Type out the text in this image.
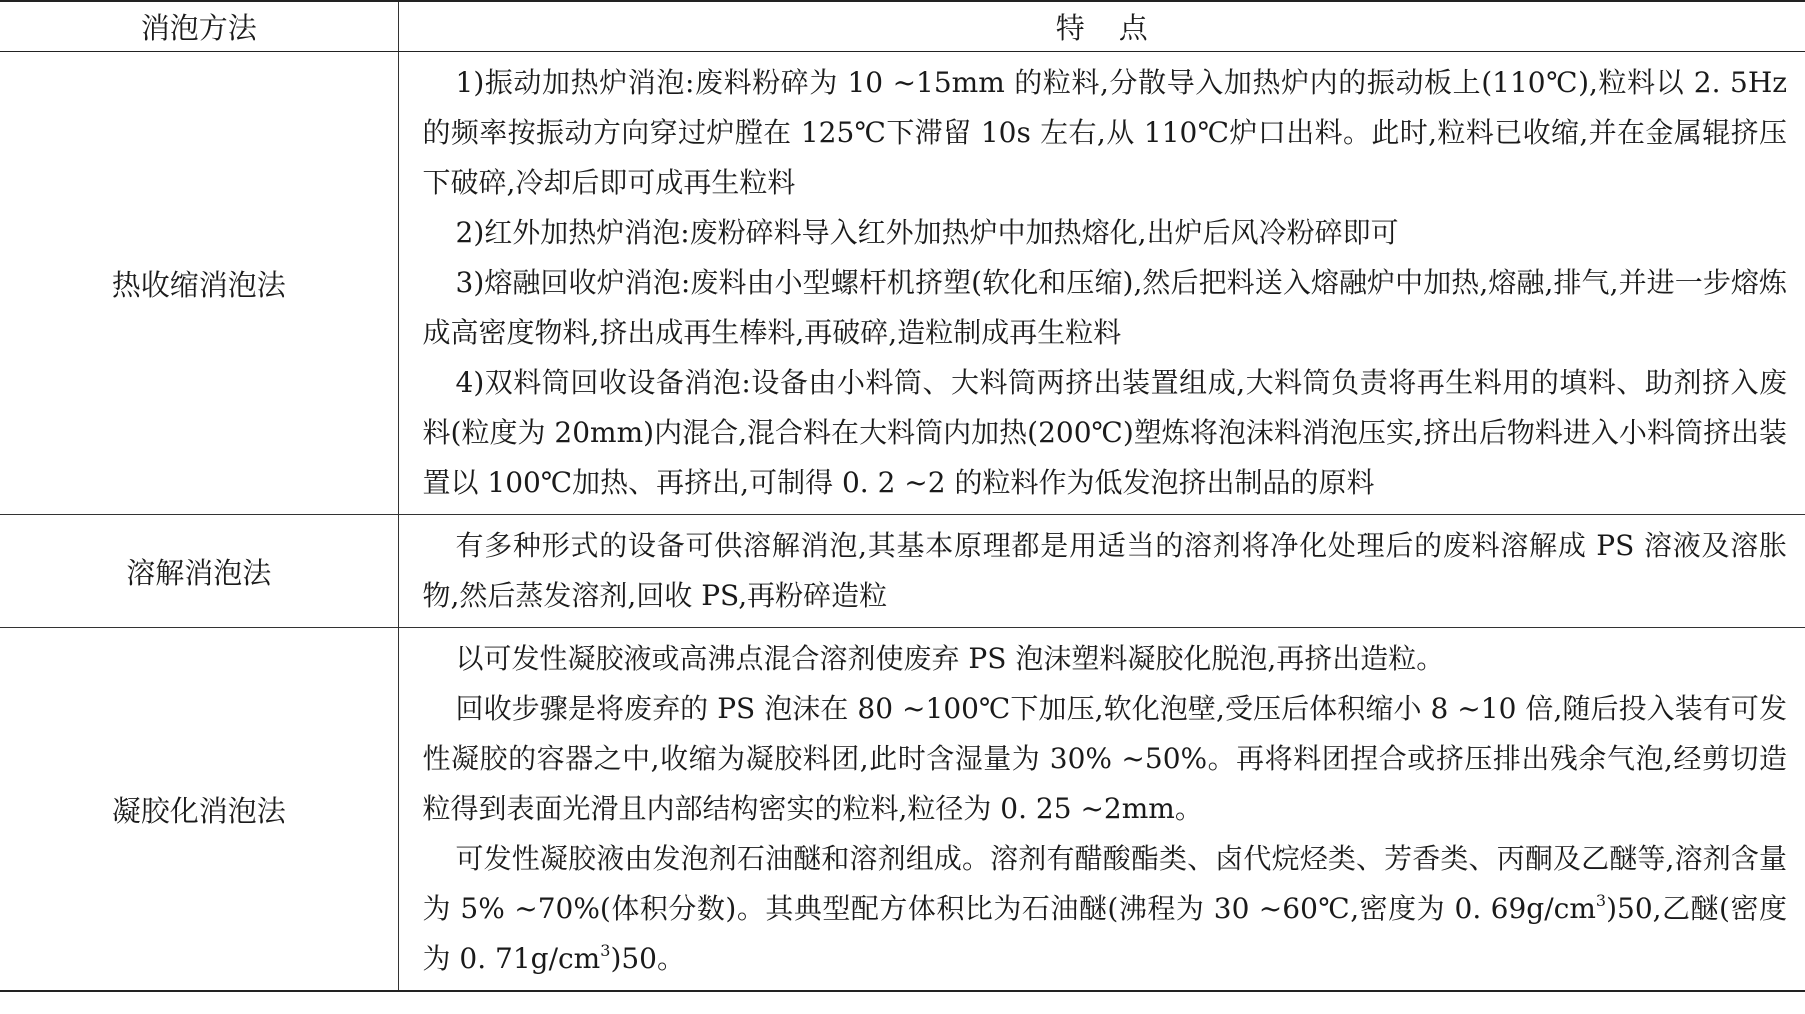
消泡方法	特点
热收缩消泡法	1)振动加热炉消泡:废料粉碎为 10 ~15mm 的粒料,分散导入加热炉内的振动板上(110℃),粒料以 2. 5Hz 的频率按振动方向穿过炉膛在 125℃下滞留 10s 左右,从 110℃炉口出料。此时,粒料已收缩,并在金属辊挤压下破碎,冷却后即可成再生粒料

2)红外加热炉消泡:废粉碎料导入红外加热炉中加热熔化,出炉后风冷粉碎即可

3)熔融回收炉消泡:废料由小型螺杆机挤塑(软化和压缩),然后把料送入熔融炉中加热,熔融,排气,并进一步熔炼成高密度物料,挤出成再生棒料,再破碎,造粒制成再生粒料

4)双料筒回收设备消泡:设备由小料筒、大料筒两挤出装置组成,大料筒负责将再生料用的填料、助剂挤入废料(粒度为 20mm)内混合,混合料在大料筒内加热(200℃)塑炼将泡沫料消泡压实,挤出后物料进入小料筒挤出装置以 100℃加热、再挤出,可制得 0. 2 ~2 的粒料作为低发泡挤出制品的原料

溶解消泡法	有多种形式的设备可供溶解消泡,其基本原理都是用适当的溶剂将净化处理后的废料溶解成 PS 溶液及溶胀物,然后蒸发溶剂,回收 PS,再粉碎造粒

凝胶化消泡法	以可发性凝胶液或高沸点混合溶剂使废弃 PS 泡沫塑料凝胶化脱泡,再挤出造粒。

回收步骤是将废弃的 PS 泡沫在 80 ~100℃下加压,软化泡壁,受压后体积缩小 8 ~10 倍,随后投入装有可发性凝胶的容器之中,收缩为凝胶料团,此时含湿量为 30% ~50%。再将料团捏合或挤压排出残余气泡,经剪切造粒得到表面光滑且内部结构密实的粒料,粒径为 0. 25 ~2mm。

可发性凝胶液由发泡剂石油醚和溶剂组成。溶剂有醋酸酯类、卤代烷烃类、芳香类、丙酮及乙醚等,溶剂含量为 5% ~70%(体积分数)。其典型配方体积比为石油醚(沸程为 30 ~60℃,密度为 0. $69g/cm^3)50$,乙醚(密度为 0. $71g/cm^3)50$。
